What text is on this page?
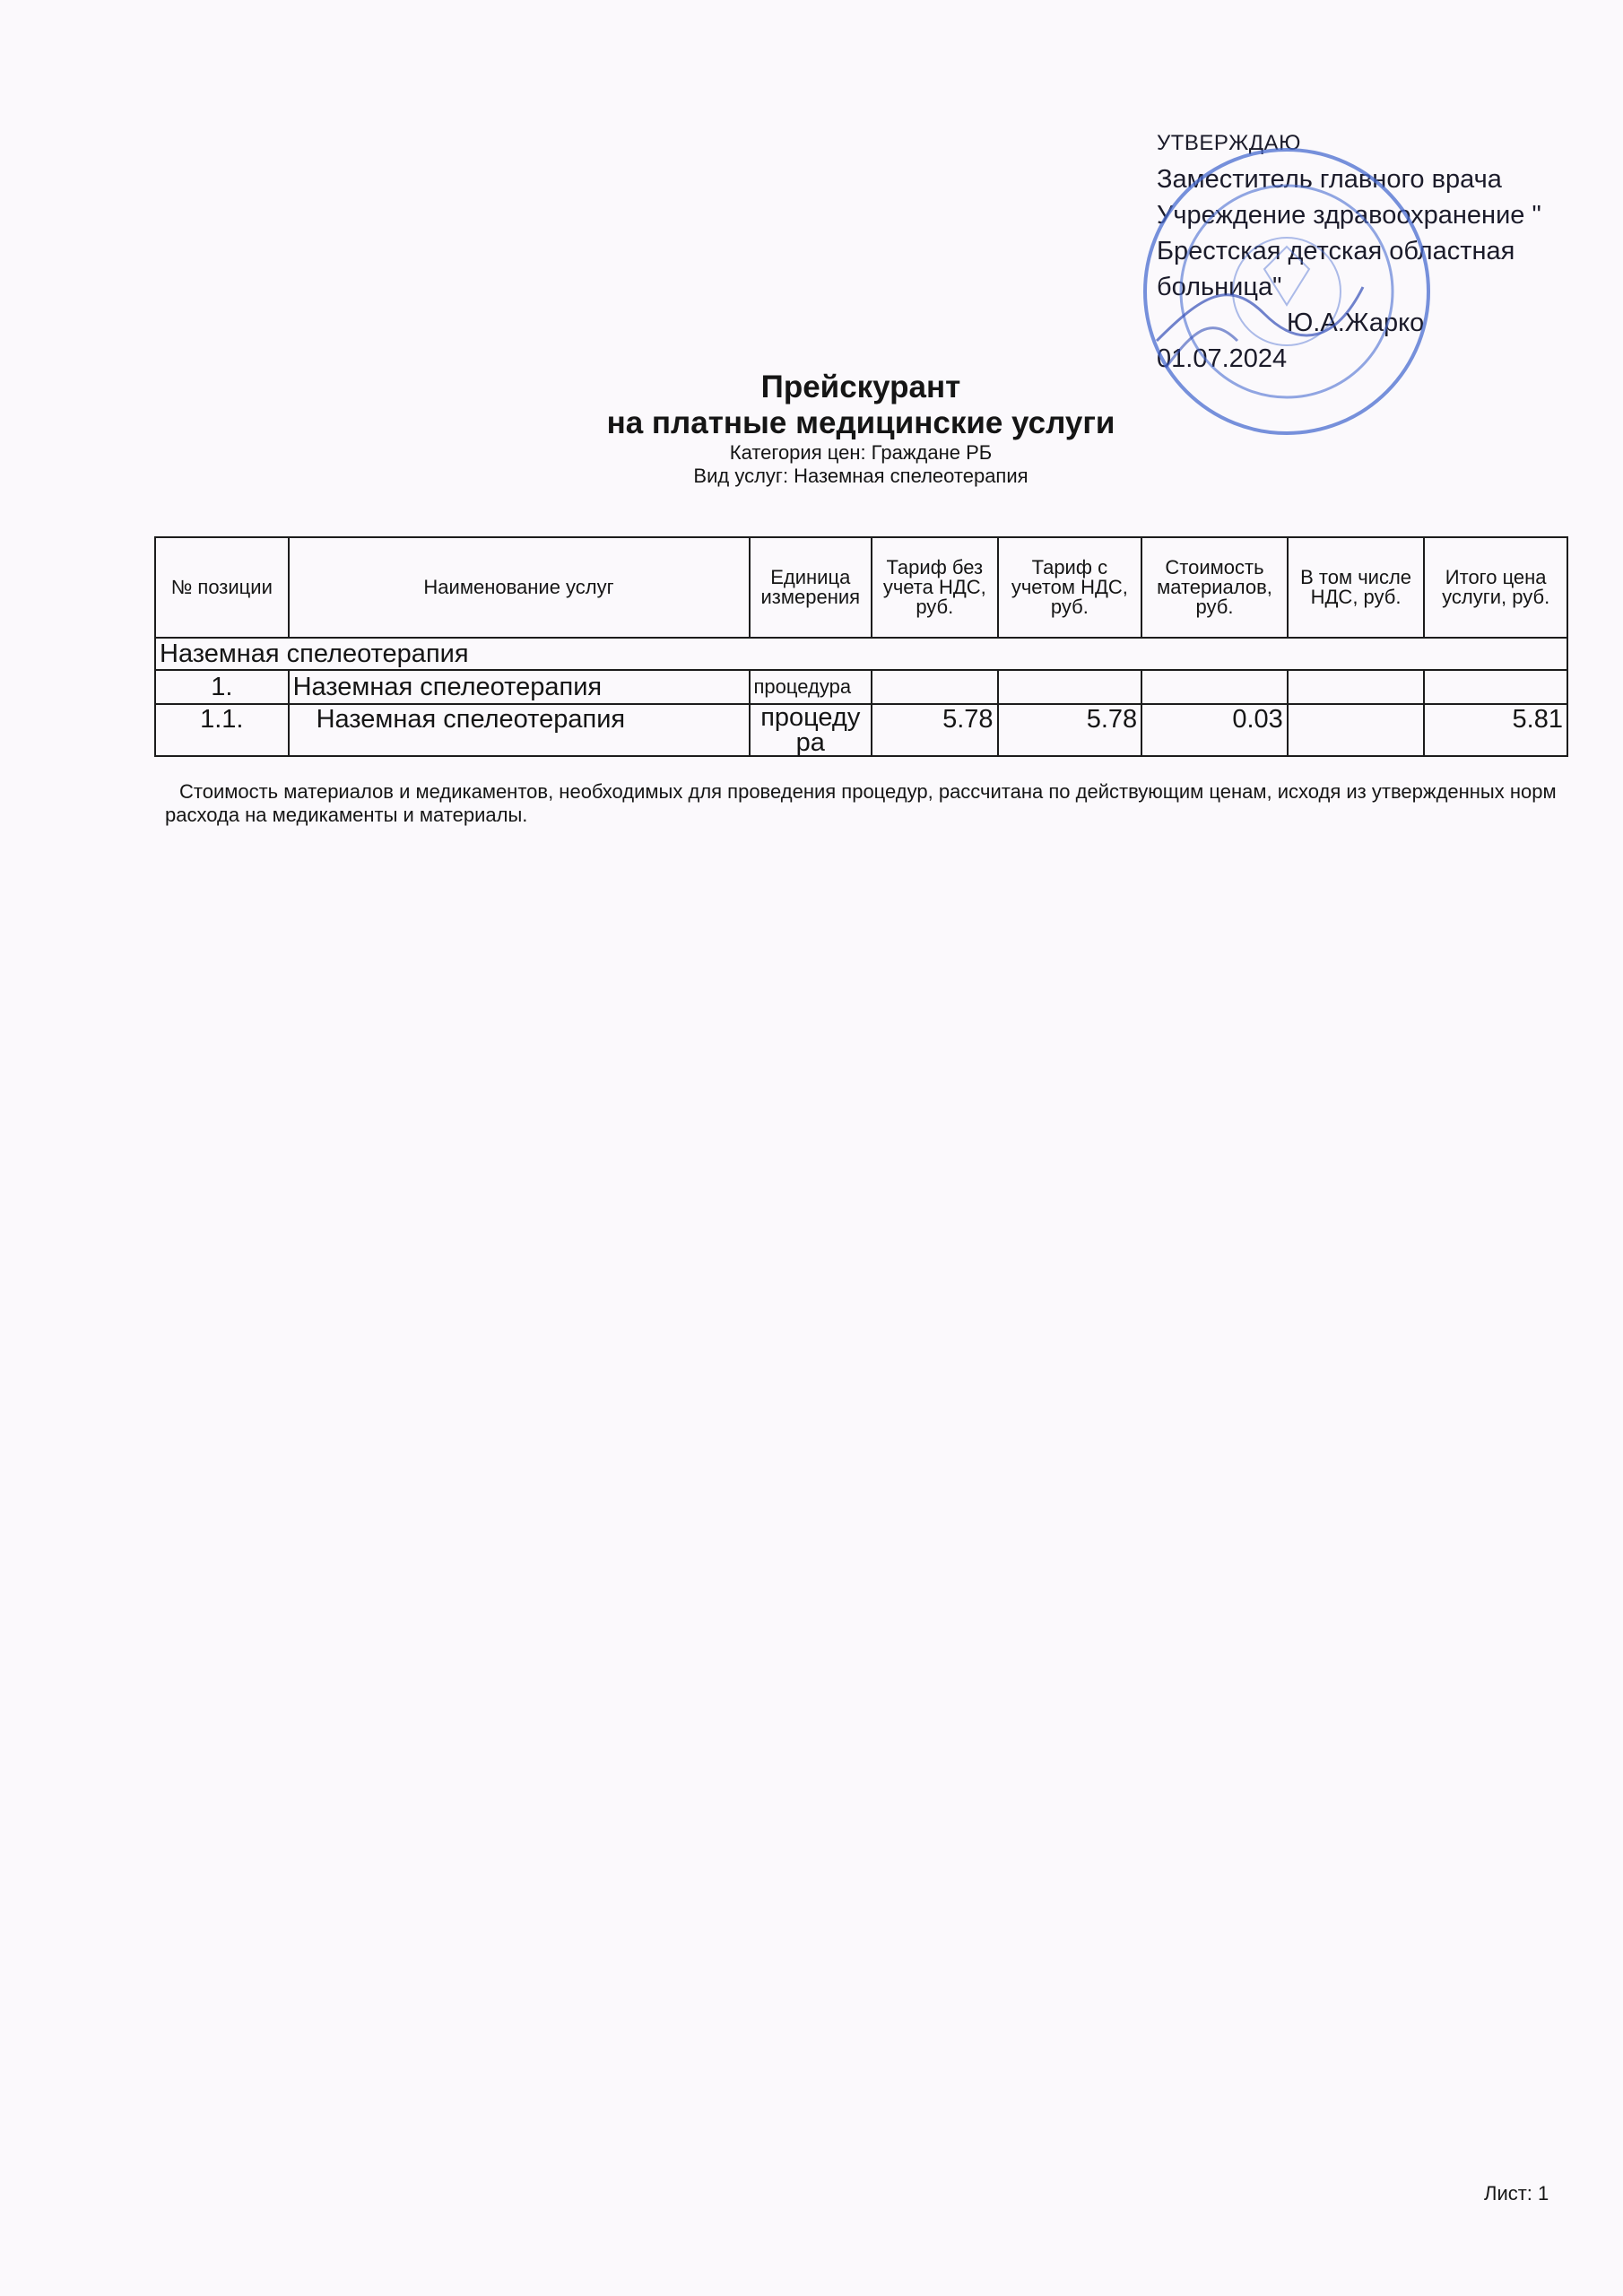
УТВЕРЖДАЮ
Заместитель главного врача
Учреждение здравоохранение "
Брестская детская областная
больница"
Ю.А.Жарко
01.07.2024
Прейскурант
на платные медицинские услуги
Категория цен: Граждане РБ
Вид услуг: Наземная спелеотерапия
№ позиции	Наименование услуг	Единица измерения	Тариф без учета НДС, руб.	Тариф с учетом НДС, руб.	Стоимость материалов, руб.	В том числе НДС, руб.	Итого цена услуги, руб.
Наземная спелеотерапия							
1.	Наземная спелеотерапия	процедура					
1.1.	Наземная спелеотерапия	процеду ра	5.78	5.78	0.03		5.81
Стоимость материалов и медикаментов, необходимых для проведения процедур, рассчитана по действующим ценам, исходя из утвержденных норм расхода на медикаменты и материалы.
Лист: 1
